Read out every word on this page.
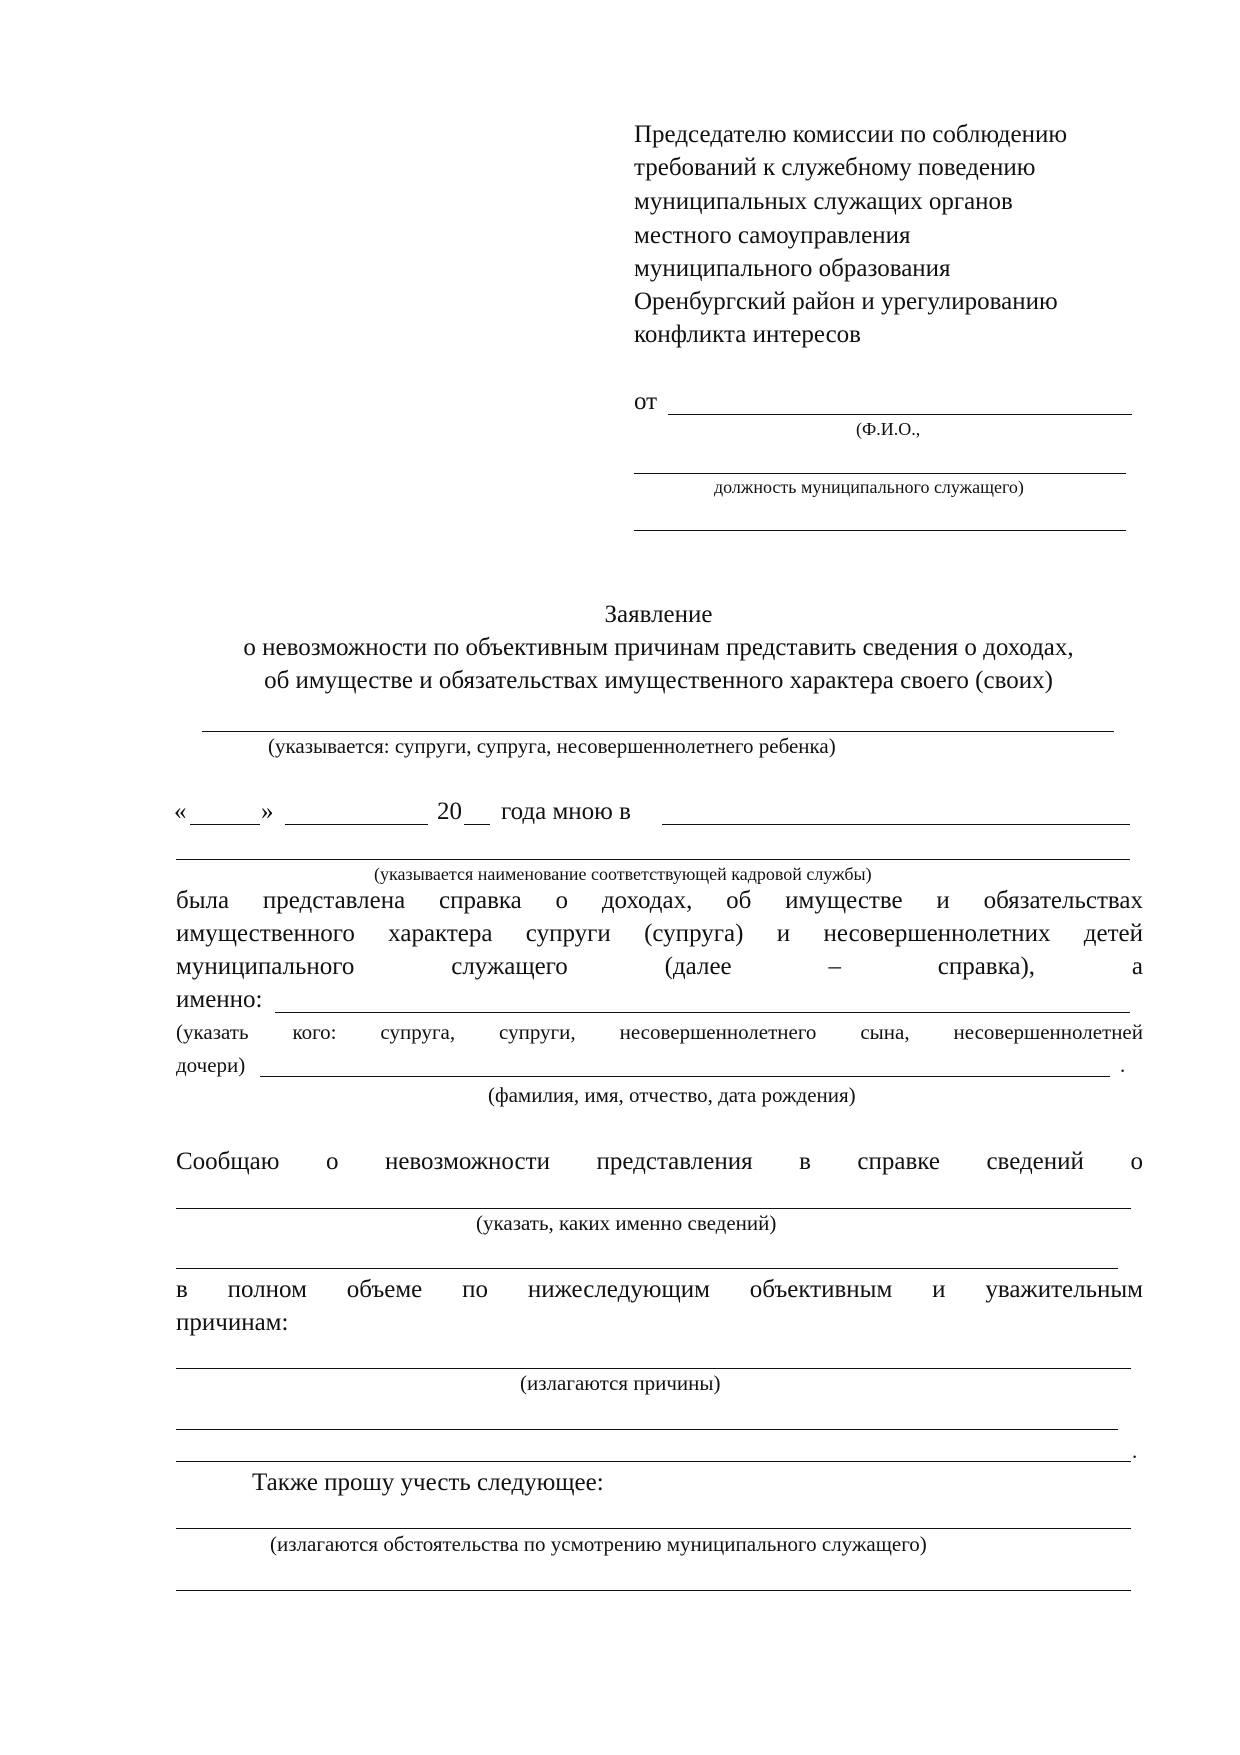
Председателю комиссии по соблюдению
требований к служебному поведению
муниципальных служащих органов
местного самоуправления
муниципального образования
Оренбургский район и урегулированию
конфликта интересов
от
(Ф.И.О.,
должность муниципального служащего)
Заявление
о невозможности по объективным причинам представить сведения о доходах,
об имуществе и обязательствах имущественного характера своего (своих)
(указывается: супруги, супруга, несовершеннолетнего ребенка)
«	»	20 года мною в
(указывается наименование соответствующей кадровой службы)
была представлена справка о доходах, об имуществе и обязательствах
имущественного характера супруги (супруга) и несовершеннолетних детей
муниципального	служащего	(далее	–	справка),	а
именно:
(указать кого: супруга, супруги, несовершеннолетнего сына, несовершеннолетней
дочери)	.
(фамилия, имя, отчество, дата рождения)
Сообщаю о невозможности представления в справке сведений о
(указать, каких именно сведений)
в полном объеме по нижеследующим объективным и уважительным
причинам:
(излагаются причины)
.
Также прошу учесть следующее:
(излагаются обстоятельства по усмотрению муниципального служащего)
